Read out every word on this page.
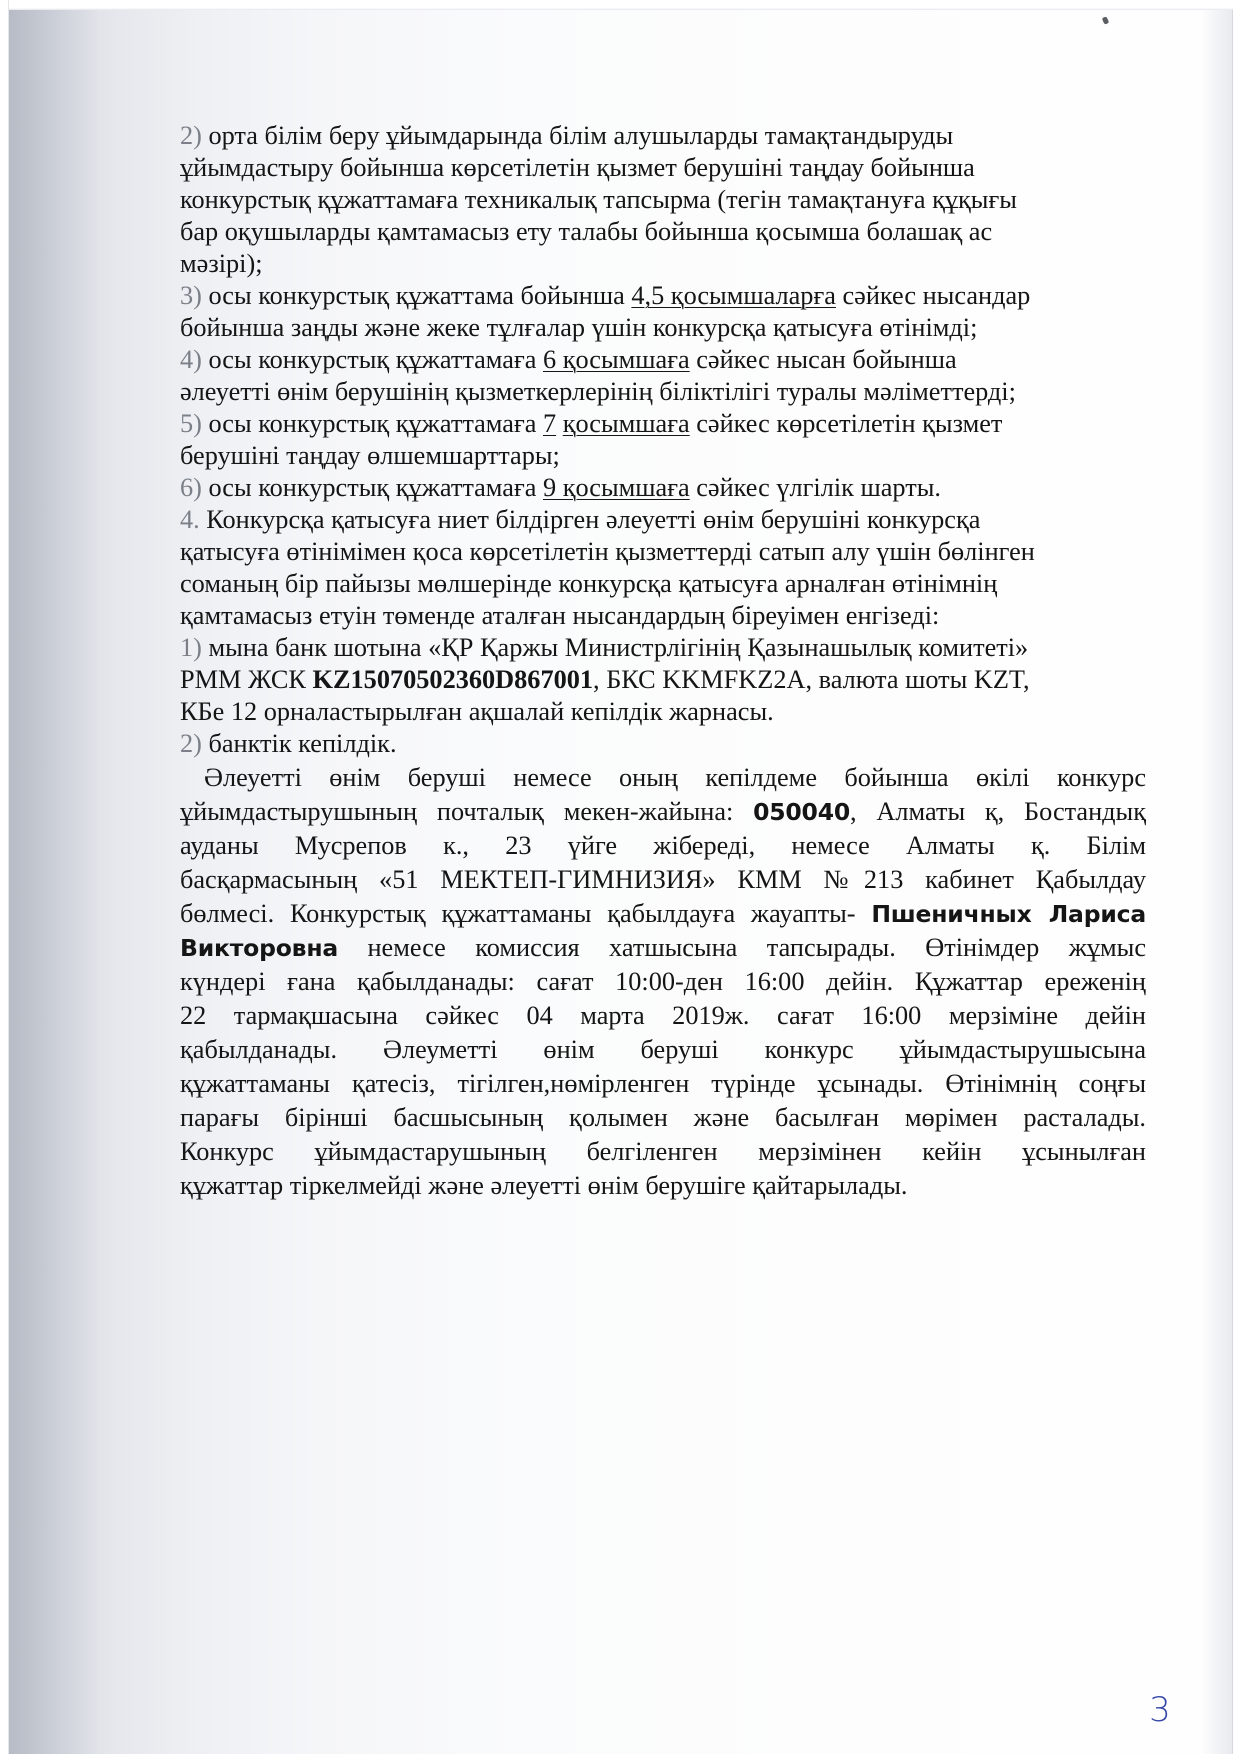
2) орта білім беру ұйымдарында білім алушыларды тамақтандыруды
ұйымдастыру бойынша көрсетілетін қызмет берушіні таңдау бойынша
конкурстық құжаттамаға техникалық тапсырма (тегін тамақтануға құқығы
бар оқушыларды қамтамасыз ету талабы бойынша қосымша болашақ ас
мәзірі);
3) осы конкурстық құжаттама бойынша 4,5 қосымшаларға сәйкес нысандар
бойынша заңды және жеке тұлғалар үшін конкурсқа қатысуға өтінімді;
4) осы конкурстық құжаттамаға 6 қосымшаға сәйкес нысан бойынша
әлеуетті өнім берушінің қызметкерлерінің біліктілігі туралы мәліметтерді;
5) осы конкурстық құжаттамаға 7 қосымшаға сәйкес көрсетілетін қызмет
берушіні таңдау өлшемшарттары;
6) осы конкурстық құжаттамаға 9 қосымшаға сәйкес үлгілік шарты.
4. Конкурсқа қатысуға ниет білдірген әлеуетті өнім берушіні конкурсқа
қатысуға өтінімімен қоса көрсетілетін қызметтерді сатып алу үшін бөлінген
соманың бір пайызы мөлшерінде конкурсқа қатысуға арналған өтінімнің
қамтамасыз етуін төменде аталған нысандардың біреуімен енгізеді:
1) мына банк шотына «ҚР Қаржы Министрлігінің Қазынашылық комитеті»
РММ ЖСК KZ15070502360D867001, БКС KKMFKZ2A, валюта шоты KZT,
КБе 12 орналастырылған ақшалай кепілдік жарнасы.
2) банктік кепілдік.
Әлеуетті өнім беруші немесе оның кепілдеме бойынша өкілі конкурс
ұйымдастырушының почталық мекен-жайына: 050040, Алматы қ, Бостандық
ауданы Мусрепов к., 23 үйге жібереді, немесе Алматы қ. Білім
басқармасының «51 МЕКТЕП-ГИМНИЗИЯ» КММ №213 кабинет Қабылдау
бөлмесі. Конкурстық құжаттаманы қабылдауға жауапты- Пшеничных Лариса
Викторовна немесе комиссия хатшысына тапсырады. Өтінімдер жұмыс
күндері ғана қабылданады: сағат 10:00-ден 16:00 дейін. Құжаттар ереженің
22 тармақшасына сәйкес 04 марта 2019ж. сағат 16:00 мерзіміне дейін
қабылданады. Әлеуметті өнім беруші конкурс ұйымдастырушысына
құжаттаманы қатесіз, тігілген,нөмірленген түрінде ұсынады. Өтінімнің соңғы
парағы бірінші басшысының қолымен және басылған мөрімен расталады.
Конкурс ұйымдастарушының белгіленген мерзімінен кейін ұсынылған
құжаттар тіркелмейді және әлеуетті өнім берушіге қайтарылады.
3
